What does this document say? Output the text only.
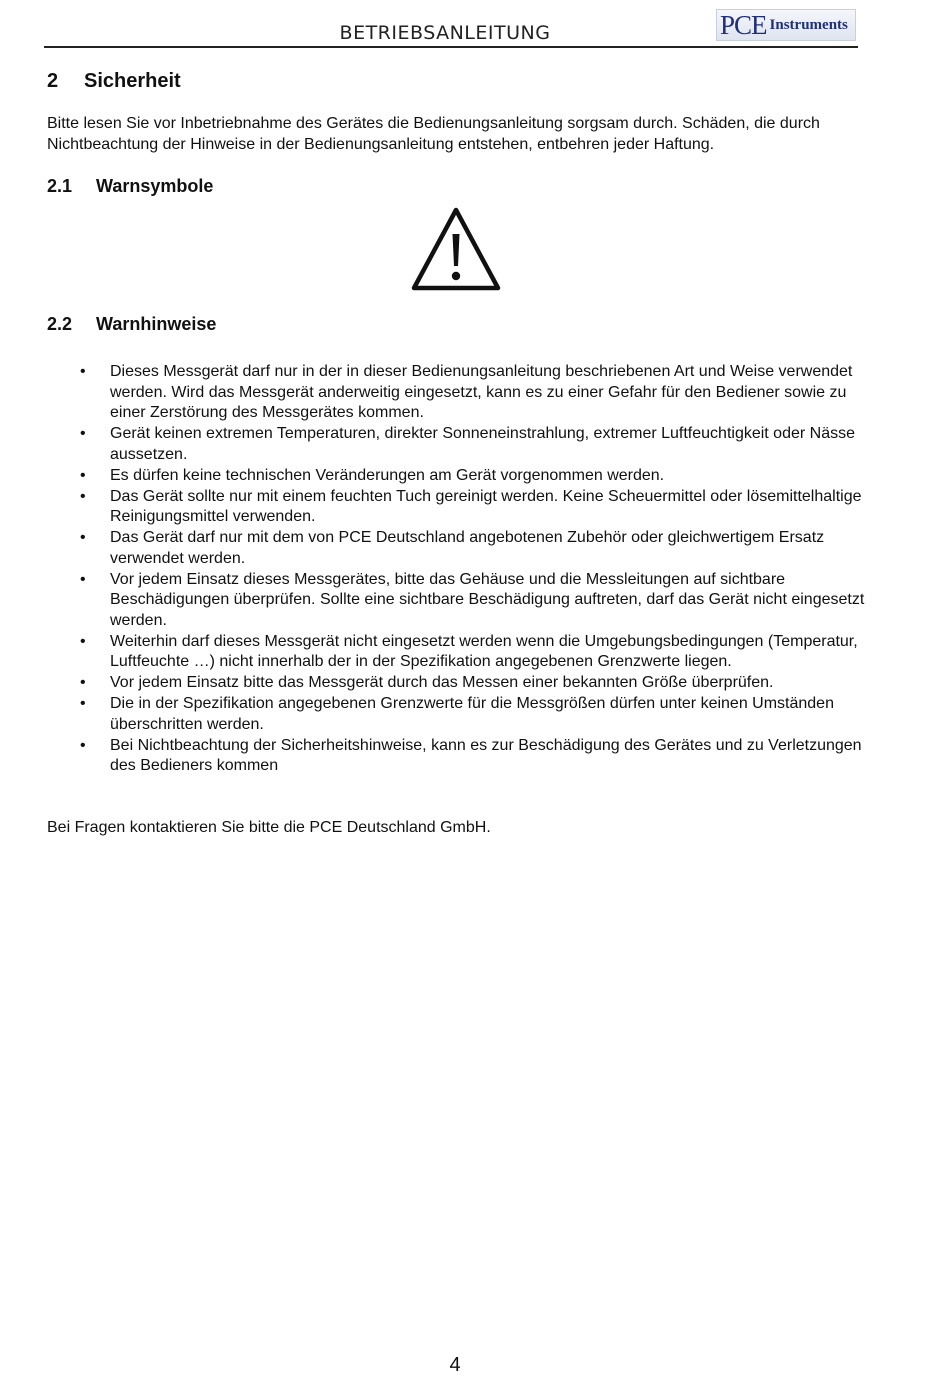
BETRIEBSANLEITUNG	PCE Instruments
2 Sicherheit
Bitte lesen Sie vor Inbetriebnahme des Gerätes die Bedienungsanleitung sorgsam durch. Schäden, die durch Nichtbeachtung der Hinweise in der Bedienungsanleitung entstehen, entbehren jeder Haftung.
2.1 Warnsymbole
2.2 Warnhinweise
• Dieses Messgerät darf nur in der in dieser Bedienungsanleitung beschriebenen Art und Weise verwendet werden. Wird das Messgerät anderweitig eingesetzt, kann es zu einer Gefahr für den Bediener sowie zu einer Zerstörung des Messgerätes kommen.
• Gerät keinen extremen Temperaturen, direkter Sonneneinstrahlung, extremer Luftfeuchtigkeit oder Nässe aussetzen.
• Es dürfen keine technischen Veränderungen am Gerät vorgenommen werden.
• Das Gerät sollte nur mit einem feuchten Tuch gereinigt werden. Keine Scheuermittel oder lösemittelhaltige Reinigungsmittel verwenden.
• Das Gerät darf nur mit dem von PCE Deutschland angebotenen Zubehör oder gleichwertigem Ersatz verwendet werden.
• Vor jedem Einsatz dieses Messgerätes, bitte das Gehäuse und die Messleitungen auf sichtbare Beschädigungen überprüfen. Sollte eine sichtbare Beschädigung auftreten, darf das Gerät nicht eingesetzt werden.
• Weiterhin darf dieses Messgerät nicht eingesetzt werden wenn die Umgebungsbedingungen (Temperatur, Luftfeuchte …) nicht innerhalb der in der Spezifikation angegebenen Grenzwerte liegen.
• Vor jedem Einsatz bitte das Messgerät durch das Messen einer bekannten Größe überprüfen.
• Die in der Spezifikation angegebenen Grenzwerte für die Messgrößen dürfen unter keinen Umständen überschritten werden.
• Bei Nichtbeachtung der Sicherheitshinweise, kann es zur Beschädigung des Gerätes und zu Verletzungen des Bedieners kommen
Bei Fragen kontaktieren Sie bitte die PCE Deutschland GmbH.
4
